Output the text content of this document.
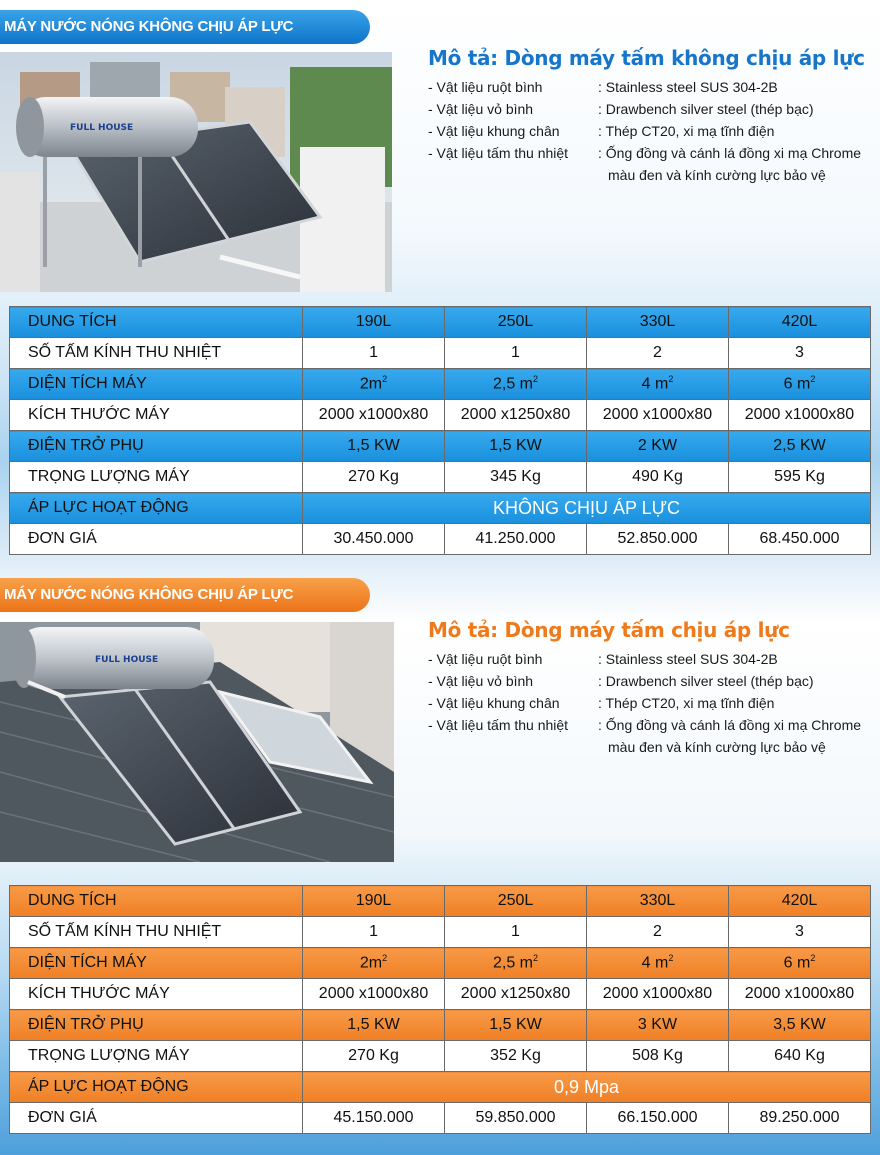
MÁY NƯỚC NÓNG KHÔNG CHỊU ÁP LỰC
FULL HOUSE
Mô tả: Dòng máy tấm không chịu áp lực
- Vật liệu ruột bình	: Stainless steel SUS 304-2B
- Vật liệu vỏ bình	: Drawbench silver steel (thép bạc)
- Vật liệu khung chân	: Thép CT20, xi mạ tĩnh điện
- Vật liệu tấm thu nhiệt	: Ống đồng và cánh lá đồng xi mạ Chrome
màu đen và kính cường lực bảo vệ
DUNG TÍCH	190L	250L	330L	420L
SỐ TẤM KÍNH THU NHIỆT	1	1	2	3
DIỆN TÍCH MÁY	$2m^2$	2,5 $m^2$	4 $m^2$	6 $m^2$
KÍCH THƯỚC MÁY	2000 x1000x80	2000 x1250x80	2000 x1000x80	2000 x1000x80
ĐIỆN TRỞ PHỤ	1,5 KW	1,5 KW	2 KW	2,5 KW
TRỌNG LƯỢNG MÁY	270 Kg	345 Kg	490 Kg	595 Kg
ÁP LỰC HOẠT ĐỘNG	KHÔNG CHỊU ÁP LỰC			
ĐƠN GIÁ	30.450.000	41.250.000	52.850.000	68.450.000
MÁY NƯỚC NÓNG KHÔNG CHỊU ÁP LỰC
FULL HOUSE
Mô tả: Dòng máy tấm chịu áp lực
- Vật liệu ruột bình	: Stainless steel SUS 304-2B
- Vật liệu vỏ bình	: Drawbench silver steel (thép bạc)
- Vật liệu khung chân	: Thép CT20, xi mạ tĩnh điện
- Vật liệu tấm thu nhiệt	: Ống đồng và cánh lá đồng xi mạ Chrome
màu đen và kính cường lực bảo vệ
DUNG TÍCH	190L	250L	330L	420L
SỐ TẤM KÍNH THU NHIỆT	1	1	2	3
DIỆN TÍCH MÁY	$2m^2$	2,5 $m^2$	4 $m^2$	6 $m^2$
KÍCH THƯỚC MÁY	2000 x1000x80	2000 x1250x80	2000 x1000x80	2000 x1000x80
ĐIỆN TRỞ PHỤ	1,5 KW	1,5 KW	3 KW	3,5 KW
TRỌNG LƯỢNG MÁY	270 Kg	352 Kg	508 Kg	640 Kg
ÁP LỰC HOẠT ĐỘNG	0,9 Mpa			
ĐƠN GIÁ	45.150.000	59.850.000	66.150.000	89.250.000
